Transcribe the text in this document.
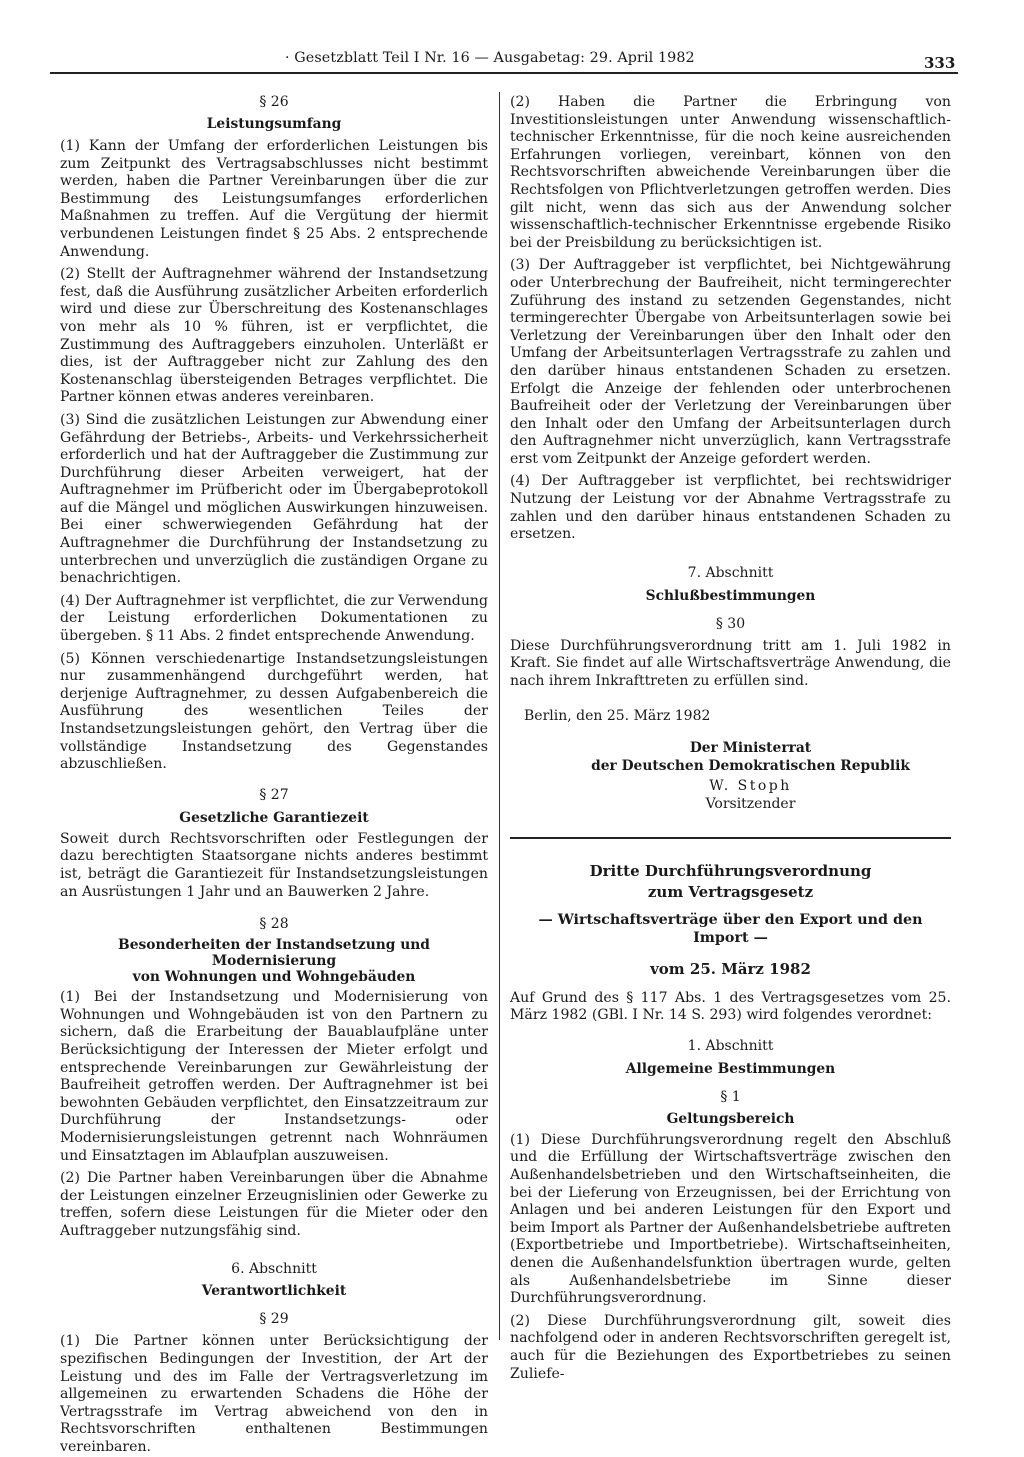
· Gesetzblatt Teil I Nr. 16 — Ausgabetag: 29. April 1982	333

§ 26

Leistungsumfang

(1) Kann der Umfang der erforderlichen Leistungen bis zum Zeitpunkt des Vertragsabschlusses nicht bestimmt werden, haben die Partner Vereinbarungen über die zur Bestimmung des Leistungsumfanges erforderlichen Maßnahmen zu treffen. Auf die Vergütung der hiermit verbundenen Leistungen findet § 25 Abs. 2 entsprechende Anwendung.

(2) Stellt der Auftragnehmer während der Instandsetzung fest, daß die Ausführung zusätzlicher Arbeiten erforderlich wird und diese zur Überschreitung des Kostenanschlages von mehr als 10 % führen, ist er verpflichtet, die Zustimmung des Auftraggebers einzuholen. Unterläßt er dies, ist der Auftraggeber nicht zur Zahlung des den Kostenanschlag übersteigenden Betrages verpflichtet. Die Partner können etwas anderes vereinbaren.

(3) Sind die zusätzlichen Leistungen zur Abwendung einer Gefährdung der Betriebs-, Arbeits- und Verkehrssicherheit erforderlich und hat der Auftraggeber die Zustimmung zur Durchführung dieser Arbeiten verweigert, hat der Auftragnehmer im Prüfbericht oder im Übergabeprotokoll auf die Mängel und möglichen Auswirkungen hinzuweisen. Bei einer schwerwiegenden Gefährdung hat der Auftragnehmer die Durchführung der Instandsetzung zu unterbrechen und unverzüglich die zuständigen Organe zu benachrichtigen.

(4) Der Auftragnehmer ist verpflichtet, die zur Verwendung der Leistung erforderlichen Dokumentationen zu übergeben. § 11 Abs. 2 findet entsprechende Anwendung.

(5) Können verschiedenartige Instandsetzungsleistungen nur zusammenhängend durchgeführt werden, hat derjenige Auftragnehmer, zu dessen Aufgabenbereich die Ausführung des wesentlichen Teiles der Instandsetzungsleistungen gehört, den Vertrag über die vollständige Instandsetzung des Gegenstandes abzuschließen.

§ 27

Gesetzliche Garantiezeit

Soweit durch Rechtsvorschriften oder Festlegungen der dazu berechtigten Staatsorgane nichts anderes bestimmt ist, beträgt die Garantiezeit für Instandsetzungsleistungen an Ausrüstungen 1 Jahr und an Bauwerken 2 Jahre.

§ 28

Besonderheiten der Instandsetzung und Modernisierung

von Wohnungen und Wohngebäuden

(1) Bei der Instandsetzung und Modernisierung von Wohnungen und Wohngebäuden ist von den Partnern zu sichern, daß die Erarbeitung der Bauablaufpläne unter Berücksichtigung der Interessen der Mieter erfolgt und entsprechende Vereinbarungen zur Gewährleistung der Baufreiheit getroffen werden. Der Auftragnehmer ist bei bewohnten Gebäuden verpflichtet, den Einsatzzeitraum zur Durchführung der Instandsetzungs- oder Modernisierungsleistungen getrennt nach Wohnräumen und Einsatztagen im Ablaufplan auszuweisen.

(2) Die Partner haben Vereinbarungen über die Abnahme der Leistungen einzelner Erzeugnislinien oder Gewerke zu treffen, sofern diese Leistungen für die Mieter oder den Auftraggeber nutzungsfähig sind.

6. Abschnitt

Verantwortlichkeit

§ 29

(1) Die Partner können unter Berücksichtigung der spezifischen Bedingungen der Investition, der Art der Leistung und des im Falle der Vertragsverletzung im allgemeinen zu erwartenden Schadens die Höhe der Vertragsstrafe im Vertrag abweichend von den in Rechtsvorschriften enthaltenen Bestimmungen vereinbaren.

(2) Haben die Partner die Erbringung von Investitionsleistungen unter Anwendung wissenschaftlich-technischer Erkenntnisse, für die noch keine ausreichenden Erfahrungen vorliegen, vereinbart, können von den Rechtsvorschriften abweichende Vereinbarungen über die Rechtsfolgen von Pflichtverletzungen getroffen werden. Dies gilt nicht, wenn das sich aus der Anwendung solcher wissenschaftlich-technischer Erkenntnisse ergebende Risiko bei der Preisbildung zu berücksichtigen ist.

(3) Der Auftraggeber ist verpflichtet, bei Nichtgewährung oder Unterbrechung der Baufreiheit, nicht termingerechter Zuführung des instand zu setzenden Gegenstandes, nicht termingerechter Übergabe von Arbeitsunterlagen sowie bei Verletzung der Vereinbarungen über den Inhalt oder den Umfang der Arbeitsunterlagen Vertragsstrafe zu zahlen und den darüber hinaus entstandenen Schaden zu ersetzen. Erfolgt die Anzeige der fehlenden oder unterbrochenen Baufreiheit oder der Verletzung der Vereinbarungen über den Inhalt oder den Umfang der Arbeitsunterlagen durch den Auftragnehmer nicht unverzüglich, kann Vertragsstrafe erst vom Zeitpunkt der Anzeige gefordert werden.

(4) Der Auftraggeber ist verpflichtet, bei rechtswidriger Nutzung der Leistung vor der Abnahme Vertragsstrafe zu zahlen und den darüber hinaus entstandenen Schaden zu ersetzen.

7. Abschnitt

Schlußbestimmungen

§ 30

Diese Durchführungsverordnung tritt am 1. Juli 1982 in Kraft. Sie findet auf alle Wirtschaftsverträge Anwendung, die nach ihrem Inkrafttreten zu erfüllen sind.

Berlin, den 25. März 1982

Der Ministerrat

der Deutschen Demokratischen Republik

W. Stoph

Vorsitzender

Dritte Durchführungsverordnung

zum Vertragsgesetz

— Wirtschaftsverträge über den Export und den Import —

vom 25. März 1982

Auf Grund des § 117 Abs. 1 des Vertragsgesetzes vom 25. März 1982 (GBl. I Nr. 14 S. 293) wird folgendes verordnet:

1. Abschnitt

Allgemeine Bestimmungen

§ 1

Geltungsbereich

(1) Diese Durchführungsverordnung regelt den Abschluß und die Erfüllung der Wirtschaftsverträge zwischen den Außenhandelsbetrieben und den Wirtschaftseinheiten, die bei der Lieferung von Erzeugnissen, bei der Errichtung von Anlagen und bei anderen Leistungen für den Export und beim Import als Partner der Außenhandelsbetriebe auftreten (Exportbetriebe und Importbetriebe). Wirtschaftseinheiten, denen die Außenhandelsfunktion übertragen wurde, gelten als Außenhandelsbetriebe im Sinne dieser Durchführungsverordnung.

(2) Diese Durchführungsverordnung gilt, soweit dies nachfolgend oder in anderen Rechtsvorschriften geregelt ist, auch für die Beziehungen des Exportbetriebes zu seinen Zuliefe-
